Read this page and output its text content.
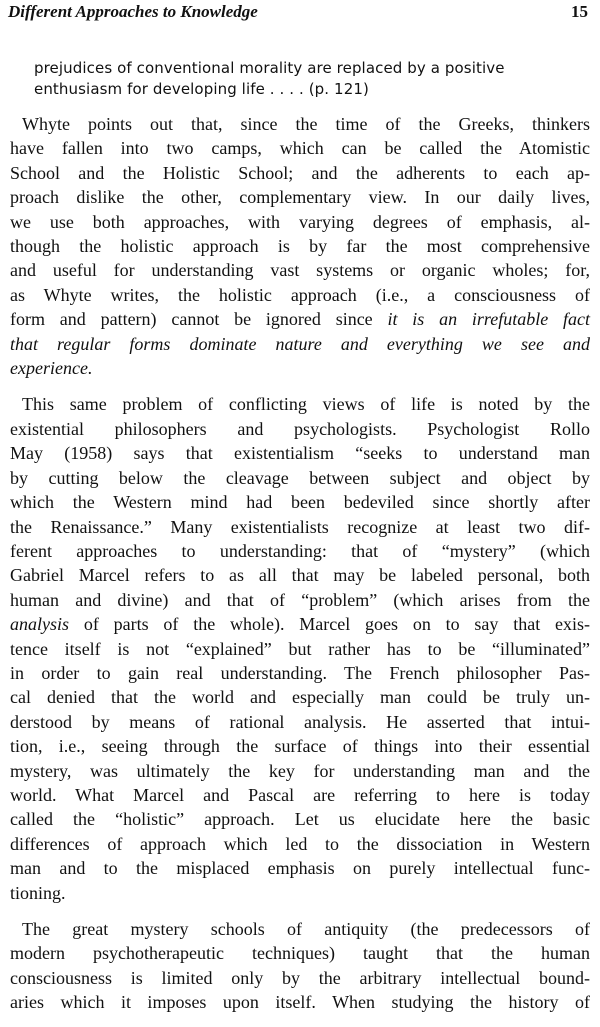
Different Approaches to Knowledge	15
prejudices of conventional morality are replaced by a positive
enthusiasm for developing life . . . . (p. 121)
Whyte points out that, since the time of the Greeks, thinkers
have fallen into two camps, which can be called the Atomistic
School and the Holistic School; and the adherents to each ap-
proach dislike the other, complementary view. In our daily lives,
we use both approaches, with varying degrees of emphasis, al-
though the holistic approach is by far the most comprehensive
and useful for understanding vast systems or organic wholes; for,
as Whyte writes, the holistic approach (i.e., a consciousness of
form and pattern) cannot be ignored since it is an irrefutable fact
that regular forms dominate nature and everything we see and
experience.
This same problem of conflicting views of life is noted by the
existential philosophers and psychologists. Psychologist Rollo
May (1958) says that existentialism “seeks to understand man
by cutting below the cleavage between subject and object by
which the Western mind had been bedeviled since shortly after
the Renaissance.” Many existentialists recognize at least two dif-
ferent approaches to understanding: that of “mystery” (which
Gabriel Marcel refers to as all that may be labeled personal, both
human and divine) and that of “problem” (which arises from the
analysis of parts of the whole). Marcel goes on to say that exis-
tence itself is not “explained” but rather has to be “illuminated”
in order to gain real understanding. The French philosopher Pas-
cal denied that the world and especially man could be truly un-
derstood by means of rational analysis. He asserted that intui-
tion, i.e., seeing through the surface of things into their essential
mystery, was ultimately the key for understanding man and the
world. What Marcel and Pascal are referring to here is today
called the “holistic” approach. Let us elucidate here the basic
differences of approach which led to the dissociation in Western
man and to the misplaced emphasis on purely intellectual func-
tioning.
The great mystery schools of antiquity (the predecessors of
modern psychotherapeutic techniques) taught that the human
consciousness is limited only by the arbitrary intellectual bound-
aries which it imposes upon itself. When studying the history of
